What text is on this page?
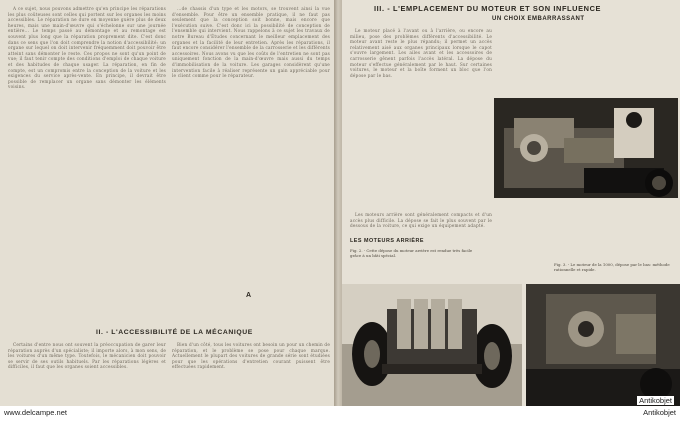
A ce sujet, nous pouvons admettre qu'en principe les réparations les plus coûteuses sont celles qui portent sur les organes les moins accessibles. Le réparation ne dure en moyenne guère plus de deux heures, mais une main-d'œuvre qui s'échelonne sur une journée entière... Le temps passé au démontage et au remontage est souvent plus long que la réparation proprement dite. C'est donc dans ce sens que l'on doit comprendre la notion d'accessibilité: un organe sur lequel on doit intervenir fréquemment doit pouvoir être atteint sans démonter le reste. Ces propos ne sont qu'un point de vue; il faut tenir compte des conditions d'emploi de chaque voiture et des habitudes de chaque usager. La réparation, en fin de compte, est un compromis entre la conception de la voiture et les exigences du service après-vente. En principe, il devrait être possible de remplacer un organe sans démonter les éléments voisins.

...de chassis d'un type et les motors, se trouvent ainsi la vue d'ensemble. Pour être un ensemble pratique, il ne faut pas seulement que la conception soit bonne, mais encore que l'exécution suive. C'est donc ici la possibilité de conception de l'ensemble qui intervient. Nous rappelons à ce sujet les travaux de notre Bureau d'Études concernant le meilleur emplacement des organes et la facilité de leur entretien. Après les réparations, il faut encore considérer l'ensemble de la carrosserie et les différents accessoires. Nous avons vu que les coûts de l'entretien ne sont pas uniquement fonction de la main-d'œuvre mais aussi du temps d'immobilisation de la voiture. Les garages considèrent qu'une intervention facile à réaliser représente un gain appréciable pour le client comme pour le réparateur.

A
II. - L'ACCESSIBILITÉ DE LA MÉCANIQUE

Certains d'entre nous ont souvent la préoccupation de garer leur réparation auprès d'un spécialiste; il importe alors, à mon sens, de les voitures d'un même type. Toutefois, le mécanicien doit pouvoir se servir de ses outils habituels. Par les réparations légères et difficiles, il faut que les organes soient accessibles.

Bien d'un côté, tous les voitures ont besoin un pour un chemin de réparation, et le problème se pose pour chaque marque. Actuellement le plupart des voitures de grande série sont étudiées pour que les opérations d'entretien courant puissent être effectuées rapidement.

III. - L'EMPLACEMENT DU MOTEUR ET SON INFLUENCE
UN CHOIX EMBARRASSANT

Le moteur placé à l'avant ou à l'arrière, ou encore au milieu, pose des problèmes différents d'accessibilité. Le moteur avant reste le plus répandu; il permet un accès relativement aisé aux organes principaux lorsque le capot s'ouvre largement. Les ailes avant et les accessoires de carrosserie gênent parfois l'accès latéral. La dépose du moteur s'effectue généralement par le haut. Sur certaines voitures, le moteur et la boîte forment un bloc que l'on dépose par le bas.

LES MOTEURS ARRIÈRE
Fig. 2. - Cette dépose du moteur arrière est rendue très facile grâce à un bâti spécial.

Les moteurs arrière sont généralement compacts et d'un accès plus difficile. La dépose se fait le plus souvent par le dessous de la voiture, ce qui exige un équipement adapté.

Fig. 3. - Le moteur de la 1000, dépose par le bas: méthode rationnelle et rapide.
www.delcampe.net	Antikobjet
Antikobjet
